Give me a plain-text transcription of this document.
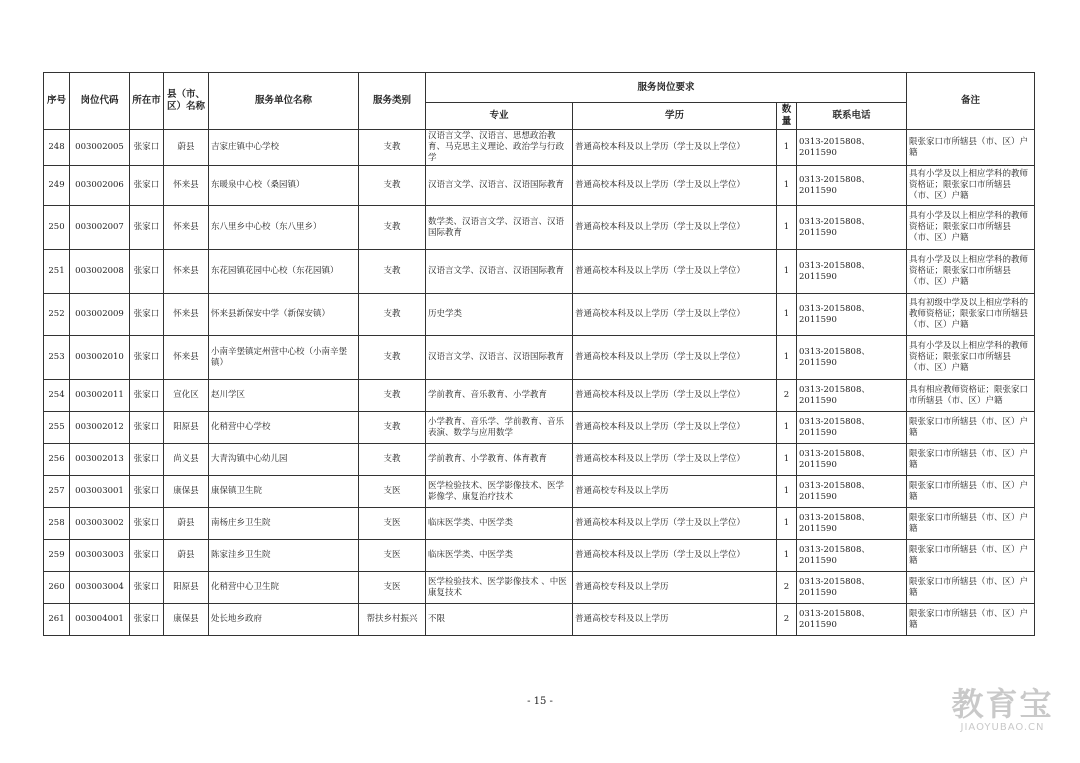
序号	岗位代码	所在市	县（市、区）名称	服务单位名称	服务类别	服务岗位要求				备注
						专业	学历	数量	联系电话	
248	003002005	张家口	蔚县	吉家庄镇中心学校	支教	汉语言文学、汉语言、思想政治教育、马克思主义理论、政治学与行政学	普通高校本科及以上学历（学士及以上学位）	1	0313-2015808、2011590	限张家口市所辖县（市、区）户籍
249	003002006	张家口	怀来县	东暖泉中心校（桑园镇）	支教	汉语言文学、汉语言、汉语国际教育	普通高校本科及以上学历（学士及以上学位）	1	0313-2015808、2011590	具有小学及以上相应学科的教师资格证；限张家口市所辖县（市、区）户籍
250	003002007	张家口	怀来县	东八里乡中心校（东八里乡）	支教	数学类、汉语言文学、汉语言、汉语国际教育	普通高校本科及以上学历（学士及以上学位）	1	0313-2015808、2011590	具有小学及以上相应学科的教师资格证；限张家口市所辖县（市、区）户籍
251	003002008	张家口	怀来县	东花园镇花园中心校（东花园镇）	支教	汉语言文学、汉语言、汉语国际教育	普通高校本科及以上学历（学士及以上学位）	1	0313-2015808、2011590	具有小学及以上相应学科的教师资格证；限张家口市所辖县（市、区）户籍
252	003002009	张家口	怀来县	怀来县新保安中学（新保安镇）	支教	历史学类	普通高校本科及以上学历（学士及以上学位）	1	0313-2015808、2011590	具有初级中学及以上相应学科的教师资格证；限张家口市所辖县（市、区）户籍
253	003002010	张家口	怀来县	小南辛堡镇定州营中心校（小南辛堡镇）	支教	汉语言文学、汉语言、汉语国际教育	普通高校本科及以上学历（学士及以上学位）	1	0313-2015808、2011590	具有小学及以上相应学科的教师资格证；限张家口市所辖县（市、区）户籍
254	003002011	张家口	宣化区	赵川学区	支教	学前教育、音乐教育、小学教育	普通高校本科及以上学历（学士及以上学位）	2	0313-2015808、2011590	具有相应教师资格证；限张家口市所辖县（市、区）户籍
255	003002012	张家口	阳原县	化稍营中心学校	支教	小学教育、音乐学、学前教育、音乐表演、数学与应用数学	普通高校本科及以上学历（学士及以上学位）	1	0313-2015808、2011590	限张家口市所辖县（市、区）户籍
256	003002013	张家口	尚义县	大青沟镇中心幼儿园	支教	学前教育、小学教育、体育教育	普通高校本科及以上学历（学士及以上学位）	1	0313-2015808、2011590	限张家口市所辖县（市、区）户籍
257	003003001	张家口	康保县	康保镇卫生院	支医	医学检验技术、医学影像技术、医学影像学、康复治疗技术	普通高校专科及以上学历	1	0313-2015808、2011590	限张家口市所辖县（市、区）户籍
258	003003002	张家口	蔚县	南杨庄乡卫生院	支医	临床医学类、中医学类	普通高校本科及以上学历（学士及以上学位）	1	0313-2015808、2011590	限张家口市所辖县（市、区）户籍
259	003003003	张家口	蔚县	陈家洼乡卫生院	支医	临床医学类、中医学类	普通高校本科及以上学历（学士及以上学位）	1	0313-2015808、2011590	限张家口市所辖县（市、区）户籍
260	003003004	张家口	阳原县	化稍营中心卫生院	支医	医学检验技术、医学影像技术 、中医康复技术	普通高校专科及以上学历	2	0313-2015808、2011590	限张家口市所辖县（市、区）户籍
261	003004001	张家口	康保县	处长地乡政府	帮扶乡村振兴	不限	普通高校专科及以上学历	2	0313-2015808、2011590	限张家口市所辖县（市、区）户籍
- 15 -	教育宝
JIAOYUBAO.CN
